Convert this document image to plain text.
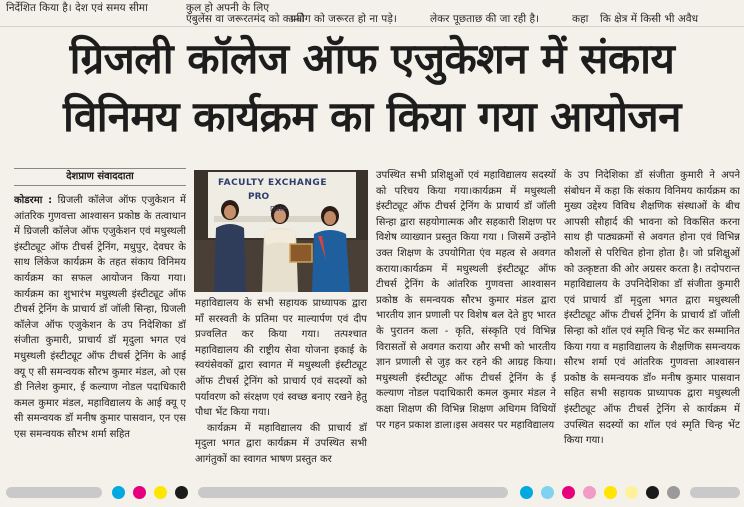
निर्देशित किया है। देश एवं समय सीमा	कुल हो अपनी के लिए
एंबुलेंस वा जरूरतमंद को काफी
प्रयोग को जरूरत हो ना पड़े।	लेकर पूछताछ की जा रही है।	कहा कि क्षेत्र में किसी भी अवैध
ग्रिजली कॉलेज ऑफ एजुकेशन में संकाय
विनिमय कार्यक्रम का किया गया आयोजन
देशप्राण संवाददाता

कोडरमा : ग्रिजली कॉलेज ऑफ एजुकेशन में आंतरिक गुणवत्ता आश्वासन प्रकोष्ठ के तत्वाधान में ग्रिजली कॉलेज ऑफ एजुकेशन एवं मधुस्थली इंस्टीट्यूट ऑफ टीचर्स ट्रेनिंग, मधुपुर, देवघर के साथ लिंकेज कार्यक्रम के तहत संकाय विनिमय कार्यक्रम का सफल आयोजन किया गया। कार्यक्रम का शुभारंभ मधुस्थली इंस्टीट्यूट ऑफ टीचर्स ट्रेनिंग के प्राचार्य डॉ जॉली सिन्हा, ग्रिजली कॉलेज ऑफ एजुकेशन के उप निदेशिका डॉ संजीता कुमारी, प्राचार्य डॉ मृदुला भगत एवं मधुस्थली इंस्टीट्यूट ऑफ टीचर्स ट्रेनिंग के आई क्यू ए सी समन्वयक सौरभ कुमार मंडल, ओ एस डी निलेश कुमार, ई कल्याण नोडल पदाधिकारी कमल कुमार मंडल, महाविद्यालय के आई क्यू ए सी समन्वयक डॉ मनीष कुमार पासवान, एन एस एस समन्वयक सौरभ शर्मा सहित

FACULTY EXCHANGE
PRO
Date

महाविद्यालय के सभी सहायक प्राध्यापक द्वारा माँ सरस्वती के प्रतिमा पर माल्यार्पण एवं दीप प्रज्वलित कर किया गया। तत्पश्चात महाविद्यालय की राष्ट्रीय सेवा योजना इकाई के स्वयंसेवकों द्वारा स्वागत में मधुस्थली इंस्टीट्यूट ऑफ टीचर्स ट्रेनिंग को प्राचार्य एवं सदस्यों को पर्यावरण को संरक्षण एवं स्वच्छ बनाए रखने हेतु पौधा भेंट किया गया।

कार्यक्रम में महाविद्यालय की प्राचार्य डॉ मृदुला भगत द्वारा कार्यक्रम में उपस्थित सभी आगंतुकों का स्वागत भाषण प्रस्तुत कर

उपस्थित सभी प्रशिक्षुओं एवं महाविद्यालय सदस्यों को परिचय किया गया।कार्यक्रम में मधुस्थली इंस्टीट्यूट ऑफ टीचर्स ट्रेनिंग के प्राचार्य डॉ जॉली सिन्हा द्वारा सहयोगात्मक और सहकारी शिक्षण पर विशेष व्याख्यान प्रस्तुत किया गया । जिसमें उन्होंने उक्त शिक्षण के उपयोगिता एंव महत्व से अवगत कराया।कार्यक्रम में मधुस्थली इंस्टीट्यूट ऑफ टीचर्स ट्रेनिंग के आंतरिक गुणवत्ता आश्वासन प्रकोष्ठ के समन्वयक सौरभ कुमार मंडल द्वारा भारतीय ज्ञान प्रणाली पर विशेष बल देते हुए भारत के पुरातन कला - कृति, संस्कृति एवं विभिन्न विरासतों से अवगत कराया और सभी को भारतीय ज्ञान प्रणाली से जुड़ कर रहने की आग्रह किया।मधुस्थली इंस्टीट्यूट ऑफ टीचर्स ट्रेनिंग के ई कल्याण नोडल पदाधिकारी कमल कुमार मंडल ने कक्षा शिक्षण की विभिन्न शिक्षण अधिगम विधियों पर गहन प्रकाश डाला।इस अवसर पर महाविद्यालय

के उप निदेशिका डॉ संजीता कुमारी ने अपने संबोधन में कहा कि संकाय विनिमय कार्यक्रम का मुख्य उद्देश्य विविध शैक्षणिक संस्थाओं के बीच आपसी सौहार्द की भावना को विकसित करना साथ ही पाठ्यक्रमों से अवगत होना एवं विभिन्न कौशलों से परिचित होना होता है। जो प्रशिक्षुओं को उत्कृष्टता की ओर अग्रसर करता है। तदोपरान्त महाविद्यालय के उपनिदेशिका डॉ संजीता कुमारी एवं प्राचार्य डॉ मृदुला भगत द्वारा मधुस्थली इंस्टीट्यूट ऑफ टीचर्स ट्रेनिंग के प्राचार्य डॉ जॉली सिन्हा को शॉल एवं स्मृति चिन्ह भेंट कर सम्मानित किया गया व महाविद्यालय के शैक्षणिक समन्वयक सौरभ शर्मा एवं आंतरिक गुणवत्ता आश्वासन प्रकोष्ठ के समन्वयक डॉ० मनीष कुमार पासवान सहित सभी सहायक प्राध्यापक द्वारा मधुस्थली इंस्टीट्यूट ऑफ टीचर्स ट्रेनिंग से कार्यक्रम में उपस्थित सदस्यों का शॉल एवं स्मृति चिन्ह भेंट किया गया।
